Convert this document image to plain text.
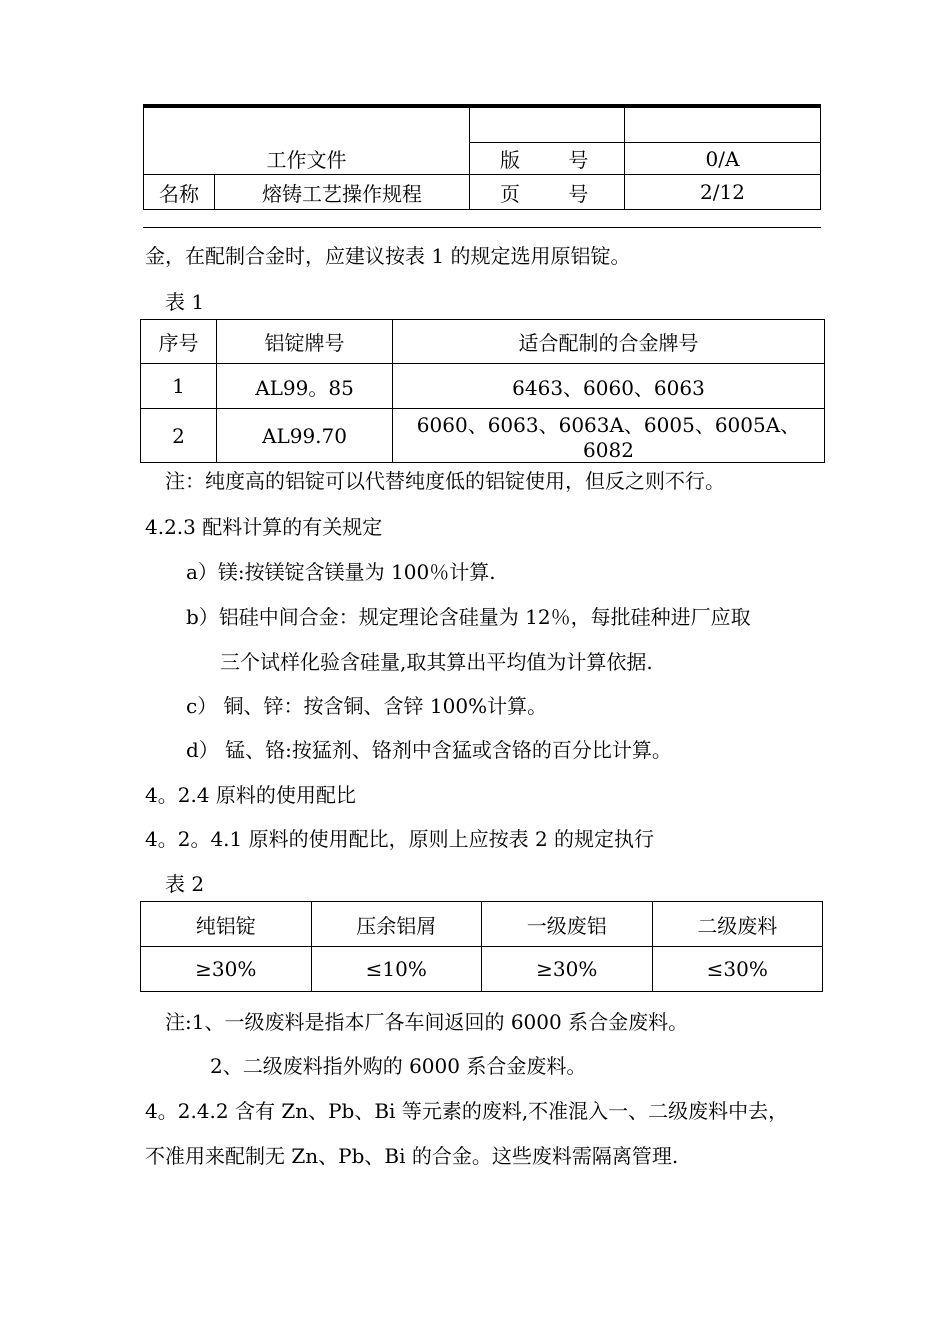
工作文件		版 号	0/A
名称	熔铸工艺操作规程	页 号	2/12
金，在配制合金时，应建议按表 1 的规定选用原铝锭。
表 1
序号	铝锭牌号	适合配制的合金牌号
1	AL99。85	6463、6060、6063
2	AL99.70	6060、6063、6063A、6005、6005A、6082
注：纯度高的铝锭可以代替纯度低的铝锭使用，但反之则不行。
4.2.3 配料计算的有关规定
a）镁:按镁锭含镁量为 100％计算.
b）铝硅中间合金：规定理论含硅量为 12％，每批硅种进厂应取
三个试样化验含硅量,取其算出平均值为计算依据.
c） 铜、锌：按含铜、含锌 100%计算。
d） 锰、铬:按猛剂、铬剂中含猛或含铬的百分比计算。
4。2.4 原料的使用配比
4。2。4.1 原料的使用配比，原则上应按表 2 的规定执行
表 2
纯铝锭	压余铝屑	一级废铝	二级废料
≥30%	≤10%	≥30%	≤30%
注:1、一级废料是指本厂各车间返回的 6000 系合金废料。
2、二级废料指外购的 6000 系合金废料。
4。2.4.2 含有 Zn、Pb、Bi 等元素的废料,不准混入一、二级废料中去，
不准用来配制无 Zn、Pb、Bi 的合金。这些废料需隔离管理.
